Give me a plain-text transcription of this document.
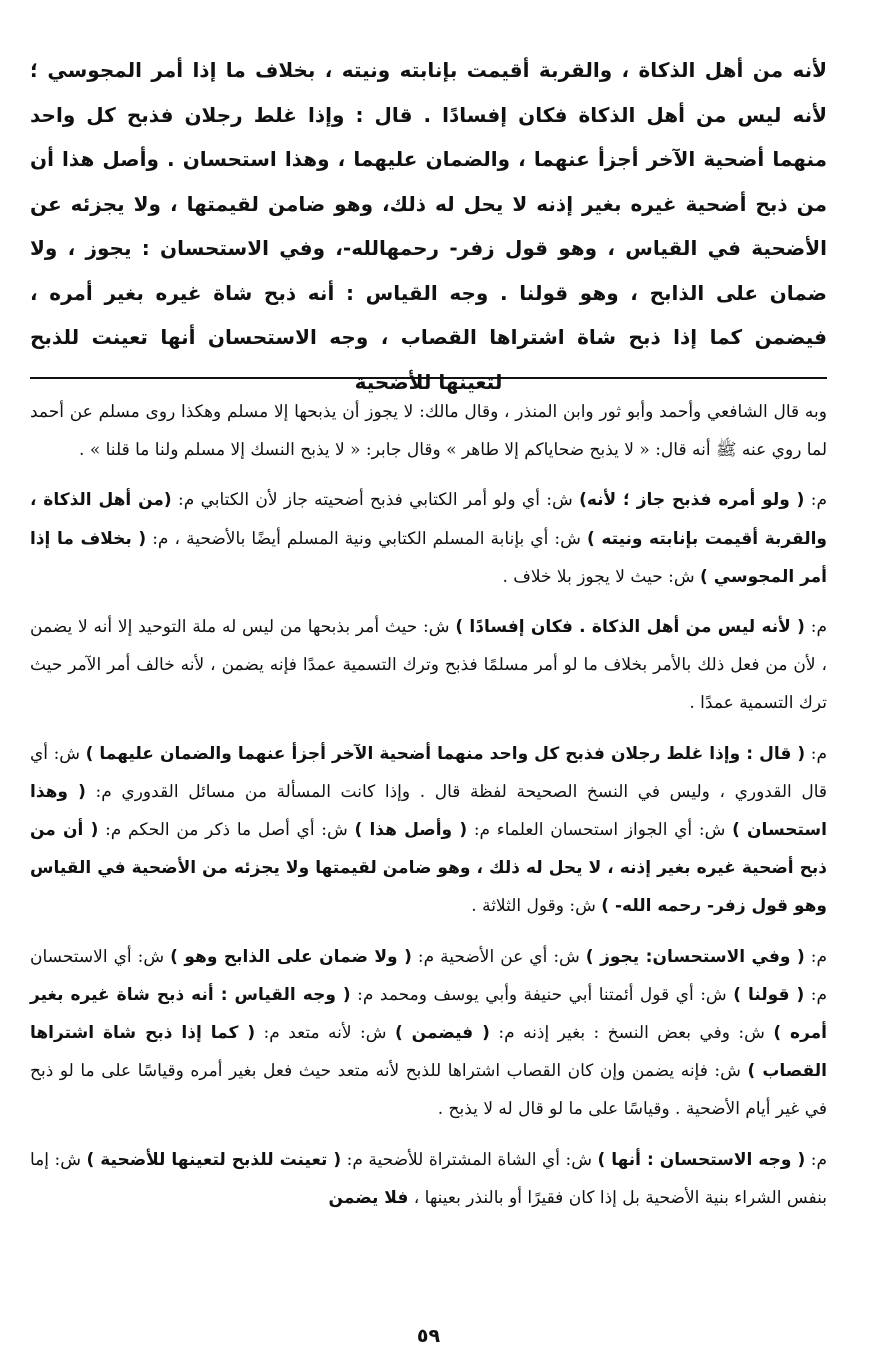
لأنه من أهل الذكاة ، والقربة أقيمت بإنابته ونيته ، بخلاف ما إذا أمر المجوسي ؛ لأنه ليس من أهل الذكاة فكان إفسادًا . قال : وإذا غلط رجلان فذبح كل واحد منهما أضحية الآخر أجزأ عنهما ، والضمان عليهما ، وهذا استحسان . وأصل هذا أن من ذبح أضحية غيره بغير إذنه لا يحل له ذلك، وهو ضامن لقيمتها ، ولا يجزئه عن الأضحية في القياس ، وهو قول زفر- رحمهالله-، وفي الاستحسان : يجوز ، ولا ضمان على الذابح ، وهو قولنا . وجه القياس : أنه ذبح شاة غيره بغير أمره ، فيضمن كما إذا ذبح شاة اشتراها القصاب ، وجه الاستحسان أنها تعينت للذبح لتعينها للأضحية

وبه قال الشافعي وأحمد وأبو ثور وابن المنذر ، وقال مالك: لا يجوز أن يذبحها إلا مسلم وهكذا روى مسلم عن أحمد لما روي عنه ﷺ أنه قال: « لا يذبح ضحاياكم إلا طاهر » وقال جابر: « لا يذبح النسك إلا مسلم ولنا ما قلنا » .

م: ( ولو أمره فذبح جاز ؛ لأنه) ش: أي ولو أمر الكتابي فذبح أضحيته جاز لأن الكتابي م: (من أهل الذكاة ، والقربة أقيمت بإنابته ونيته ) ش: أي بإنابة المسلم الكتابي ونية المسلم أيضًا بالأضحية ، م: ( بخلاف ما إذا أمر المجوسي ) ش: حيث لا يجوز بلا خلاف .

م: ( لأنه ليس من أهل الذكاة . فكان إفسادًا ) ش: حيث أمر بذبحها من ليس له ملة التوحيد إلا أنه لا يضمن ، لأن من فعل ذلك بالأمر بخلاف ما لو أمر مسلمًا فذبح وترك التسمية عمدًا فإنه يضمن ، لأنه خالف أمر الآمر حيث ترك التسمية عمدًا .

م: ( قال : وإذا غلط رجلان فذبح كل واحد منهما أضحية الآخر أجزأ عنهما والضمان عليهما ) ش: أي قال القدوري ، وليس في النسخ الصحيحة لفظة قال . وإذا كانت المسألة من مسائل القدوري م: ( وهذا استحسان ) ش: أي الجواز استحسان العلماء م: ( وأصل هذا ) ش: أي أصل ما ذكر من الحكم م: ( أن من ذبح أضحية غيره بغير إذنه ، لا يحل له ذلك ، وهو ضامن لقيمتها ولا يجزئه من الأضحية في القياس وهو قول زفر- رحمه الله- ) ش: وقول الثلاثة .

م: ( وفي الاستحسان: يجوز ) ش: أي عن الأضحية م: ( ولا ضمان على الذابح وهو ) ش: أي الاستحسان م: ( قولنا ) ش: أي قول أئمتنا أبي حنيفة وأبي يوسف ومحمد م: ( وجه القياس : أنه ذبح شاة غيره بغير أمره ) ش: وفي بعض النسخ : بغير إذنه م: ( فيضمن ) ش: لأنه متعد م: ( كما إذا ذبح شاة اشتراها القصاب ) ش: فإنه يضمن وإن كان القصاب اشتراها للذبح لأنه متعد حيث فعل بغير أمره وقياسًا على ما لو ذبح في غير أيام الأضحية . وقياسًا على ما لو قال له لا يذبح .

م: ( وجه الاستحسان : أنها ) ش: أي الشاة المشتراة للأضحية م: ( تعينت للذبح لتعينها للأضحية ) ش: إما بنفس الشراء بنية الأضحية بل إذا كان فقيرًا أو بالنذر بعينها ، فلا يضمن

٥٩
